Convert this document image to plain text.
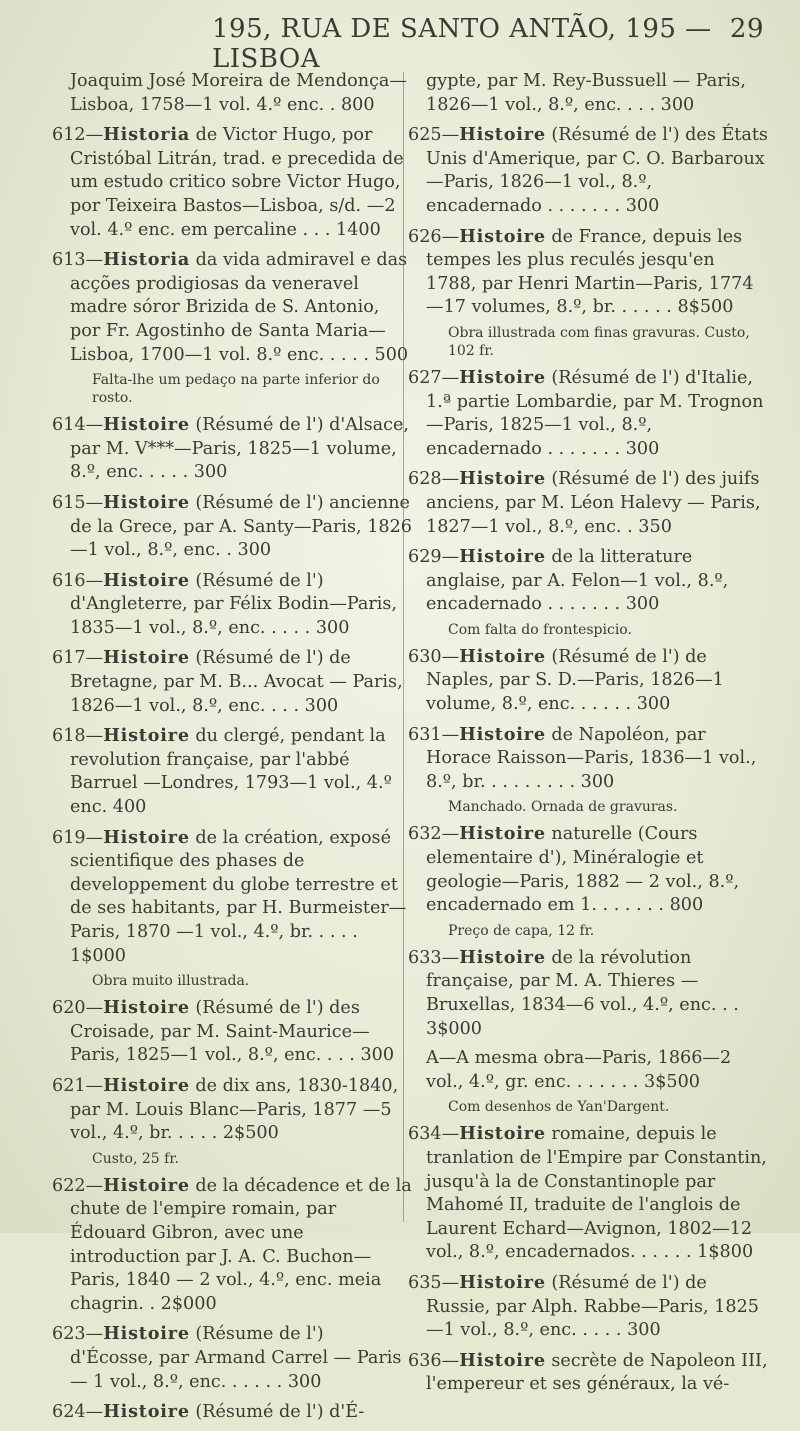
195, RUA DE SANTO ANTÃO, 195 — LISBOA
29
Joaquim José Moreira de Mendonça—Lisboa, 1758—1 vol. 4.º enc. . 800
612—Historia de Victor Hugo, por Cristóbal Litrán, trad. e precedida de um estudo critico sobre Victor Hugo, por Teixeira Bastos—Lisboa, s/d. —2 vol. 4.º enc. em percaline . . . 1400
613—Historia da vida admiravel e das acções prodigiosas da veneravel madre sóror Brizida de S. Antonio, por Fr. Agostinho de Santa Maria—Lisboa, 1700—1 vol. 8.º enc. . . . . 500
Falta-lhe um pedaço na parte inferior do rosto.
614—Histoire (Résumé de l') d'Alsace, par M. V***—Paris, 1825—1 volume, 8.º, enc. . . . . 300
615—Histoire (Résumé de l') ancienne de la Grece, par A. Santy—Paris, 1826—1 vol., 8.º, enc. . 300
616—Histoire (Résumé de l') d'Angleterre, par Félix Bodin—Paris, 1835—1 vol., 8.º, enc. . . . . 300
617—Histoire (Résumé de l') de Bretagne, par M. B... Avocat — Paris, 1826—1 vol., 8.º, enc. . . . 300
618—Histoire du clergé, pendant la revolution française, par l'abbé Barruel —Londres, 1793—1 vol., 4.º enc. 400
619—Histoire de la création, exposé scientifique des phases de developpement du globe terrestre et de ses habitants, par H. Burmeister—Paris, 1870 —1 vol., 4.º, br. . . . . 1$000
Obra muito illustrada.
620—Histoire (Résumé de l') des Croisade, par M. Saint-Maurice—Paris, 1825—1 vol., 8.º, enc. . . . 300
621—Histoire de dix ans, 1830-1840, par M. Louis Blanc—Paris, 1877 —5 vol., 4.º, br. . . . . 2$500
Custo, 25 fr.
622—Histoire de la décadence et de la chute de l'empire romain, par Édouard Gibron, avec une introduction par J. A. C. Buchon—Paris, 1840 — 2 vol., 4.º, enc. meia chagrin. . 2$000
623—Histoire (Résume de l') d'Écosse, par Armand Carrel — Paris — 1 vol., 8.º, enc. . . . . . 300
624—Histoire (Résumé de l') d'É-
gypte, par M. Rey-Bussuell — Paris, 1826—1 vol., 8.º, enc. . . . 300
625—Histoire (Résumé de l') des États Unis d'Amerique, par C. O. Barbaroux—Paris, 1826—1 vol., 8.º, encadernado . . . . . . . 300
626—Histoire de France, depuis les tempes les plus reculés jesqu'en 1788, par Henri Martin—Paris, 1774—17 volumes, 8.º, br. . . . . . 8$500
Obra illustrada com finas gravuras. Custo, 102 fr.
627—Histoire (Résumé de l') d'Italie, 1.ª partie Lombardie, par M. Trognon—Paris, 1825—1 vol., 8.º, encadernado . . . . . . . 300
628—Histoire (Résumé de l') des juifs anciens, par M. Léon Halevy — Paris, 1827—1 vol., 8.º, enc. . 350
629—Histoire de la litterature anglaise, par A. Felon—1 vol., 8.º, encadernado . . . . . . . 300
Com falta do frontespicio.
630—Histoire (Résumé de l') de Naples, par S. D.—Paris, 1826—1 volume, 8.º, enc. . . . . . 300
631—Histoire de Napoléon, par Horace Raisson—Paris, 1836—1 vol., 8.º, br. . . . . . . . . 300
Manchado. Ornada de gravuras.
632—Histoire naturelle (Cours elementaire d'), Minéralogie et geologie—Paris, 1882 — 2 vol., 8.º, encadernado em 1. . . . . . . 800
Preço de capa, 12 fr.
633—Histoire de la révolution française, par M. A. Thieres — Bruxellas, 1834—6 vol., 4.º, enc. . . 3$000
A—A mesma obra—Paris, 1866—2 vol., 4.º, gr. enc. . . . . . . 3$500
Com desenhos de Yan'Dargent.
634—Histoire romaine, depuis le tranlation de l'Empire par Constantin, jusqu'à la de Constantinople par Mahomé II, traduite de l'anglois de Laurent Echard—Avignon, 1802—12 vol., 8.º, encadernados. . . . . . 1$800
635—Histoire (Résumé de l') de Russie, par Alph. Rabbe—Paris, 1825 —1 vol., 8.º, enc. . . . . 300
636—Histoire secrète de Napoleon III, l'empereur et ses généraux, la vé-
